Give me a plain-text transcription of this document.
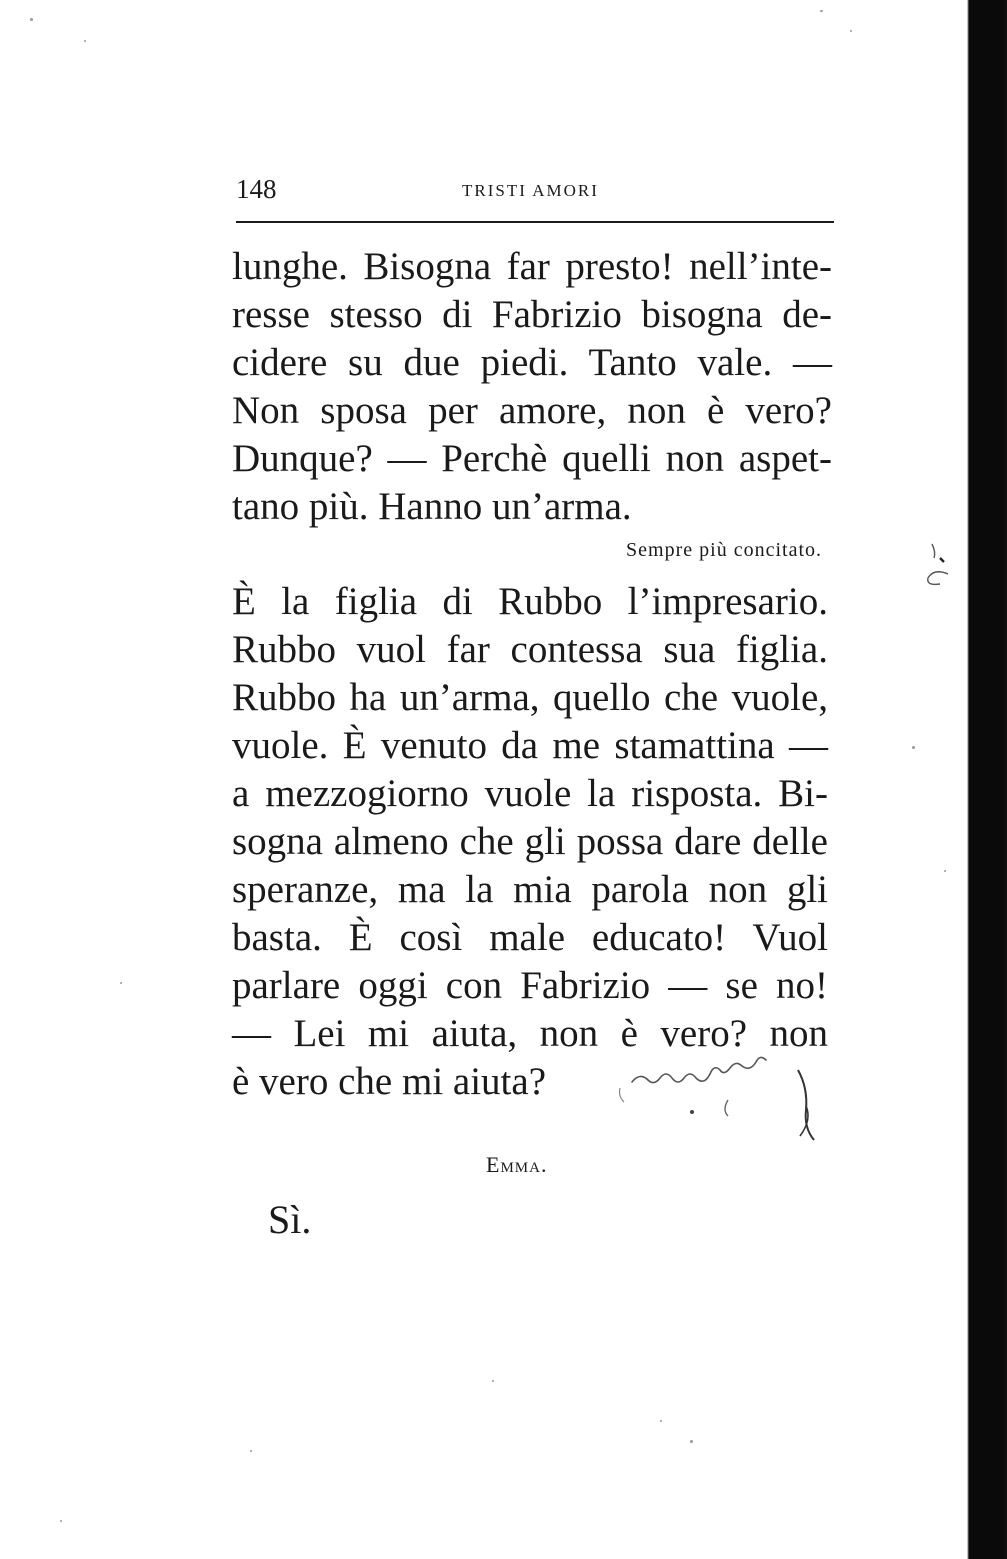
148	TRISTI AMORI
lunghe. Bisogna far presto! nell’inte-
resse stesso di Fabrizio bisogna de-
cidere su due piedi. Tanto vale. —
Non sposa per amore, non è vero?
Dunque? — Perchè quelli non aspet-
tano più. Hanno un’arma.
Sempre più concitato.
È la figlia di Rubbo l’impresario.
Rubbo vuol far contessa sua figlia.
Rubbo ha un’arma, quello che vuole,
vuole. È venuto da me stamattina —
a mezzogiorno vuole la risposta. Bi-
sogna almeno che gli possa dare delle
speranze, ma la mia parola non gli
basta. È così male educato! Vuol
parlare oggi con Fabrizio — se no!
— Lei mi aiuta, non è vero? non
è vero che mi aiuta?
Emma.
Sì.
